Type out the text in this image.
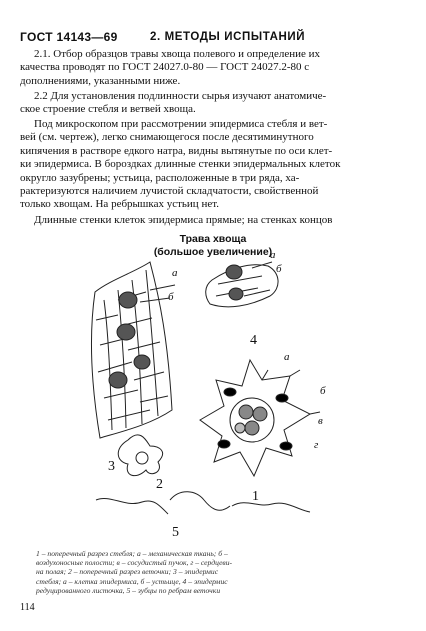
ГОСТ 14143—69	2. МЕТОДЫ ИСПЫТАНИЙ
2.1. Отбор образцов травы хвоща полевого и определение их
качества проводят по ГОСТ 24027.0-80 — ГОСТ 24027.2-80 с
дополнениями, указанными ниже.
2.2 Для установления подлинности сырья изучают анатомиче-
ское строение стебля и ветвей хвоща.
Под микроскопом при рассмотрении эпидермиса стебля и вет-
вей (см. чертеж), легко снимающегося после десятиминутного
кипячения в растворе едкого натра, видны вытянутые по оси клет-
ки эпидермиса. В бороздках длинные стенки эпидермальных клеток
округло зазубрены; устьица, расположенные в три ряда, ха-
рактеризуются наличием лучистой складчатости, свойственной
только хвощам. На ребрышках устьиц нет.
Длинные стенки клеток эпидермиса прямые; на стенках концов
Трава хвоща
(большое увеличение)
а
б
а
б
а
б
в
г
3
2
4
1
5
1 – поперечный разрез стебля; а – механическая ткань; б –
воздухоносные полости; в – сосудистый пучок, г – сердцеви-
на полая; 2 – поперечный разрез веточки; 3 – эпидермис
стебля; а – клетка эпидермиса, б – устьице, 4 – эпидермис
редуцированного листочка, 5 – зубцы по ребрам веточки
114
